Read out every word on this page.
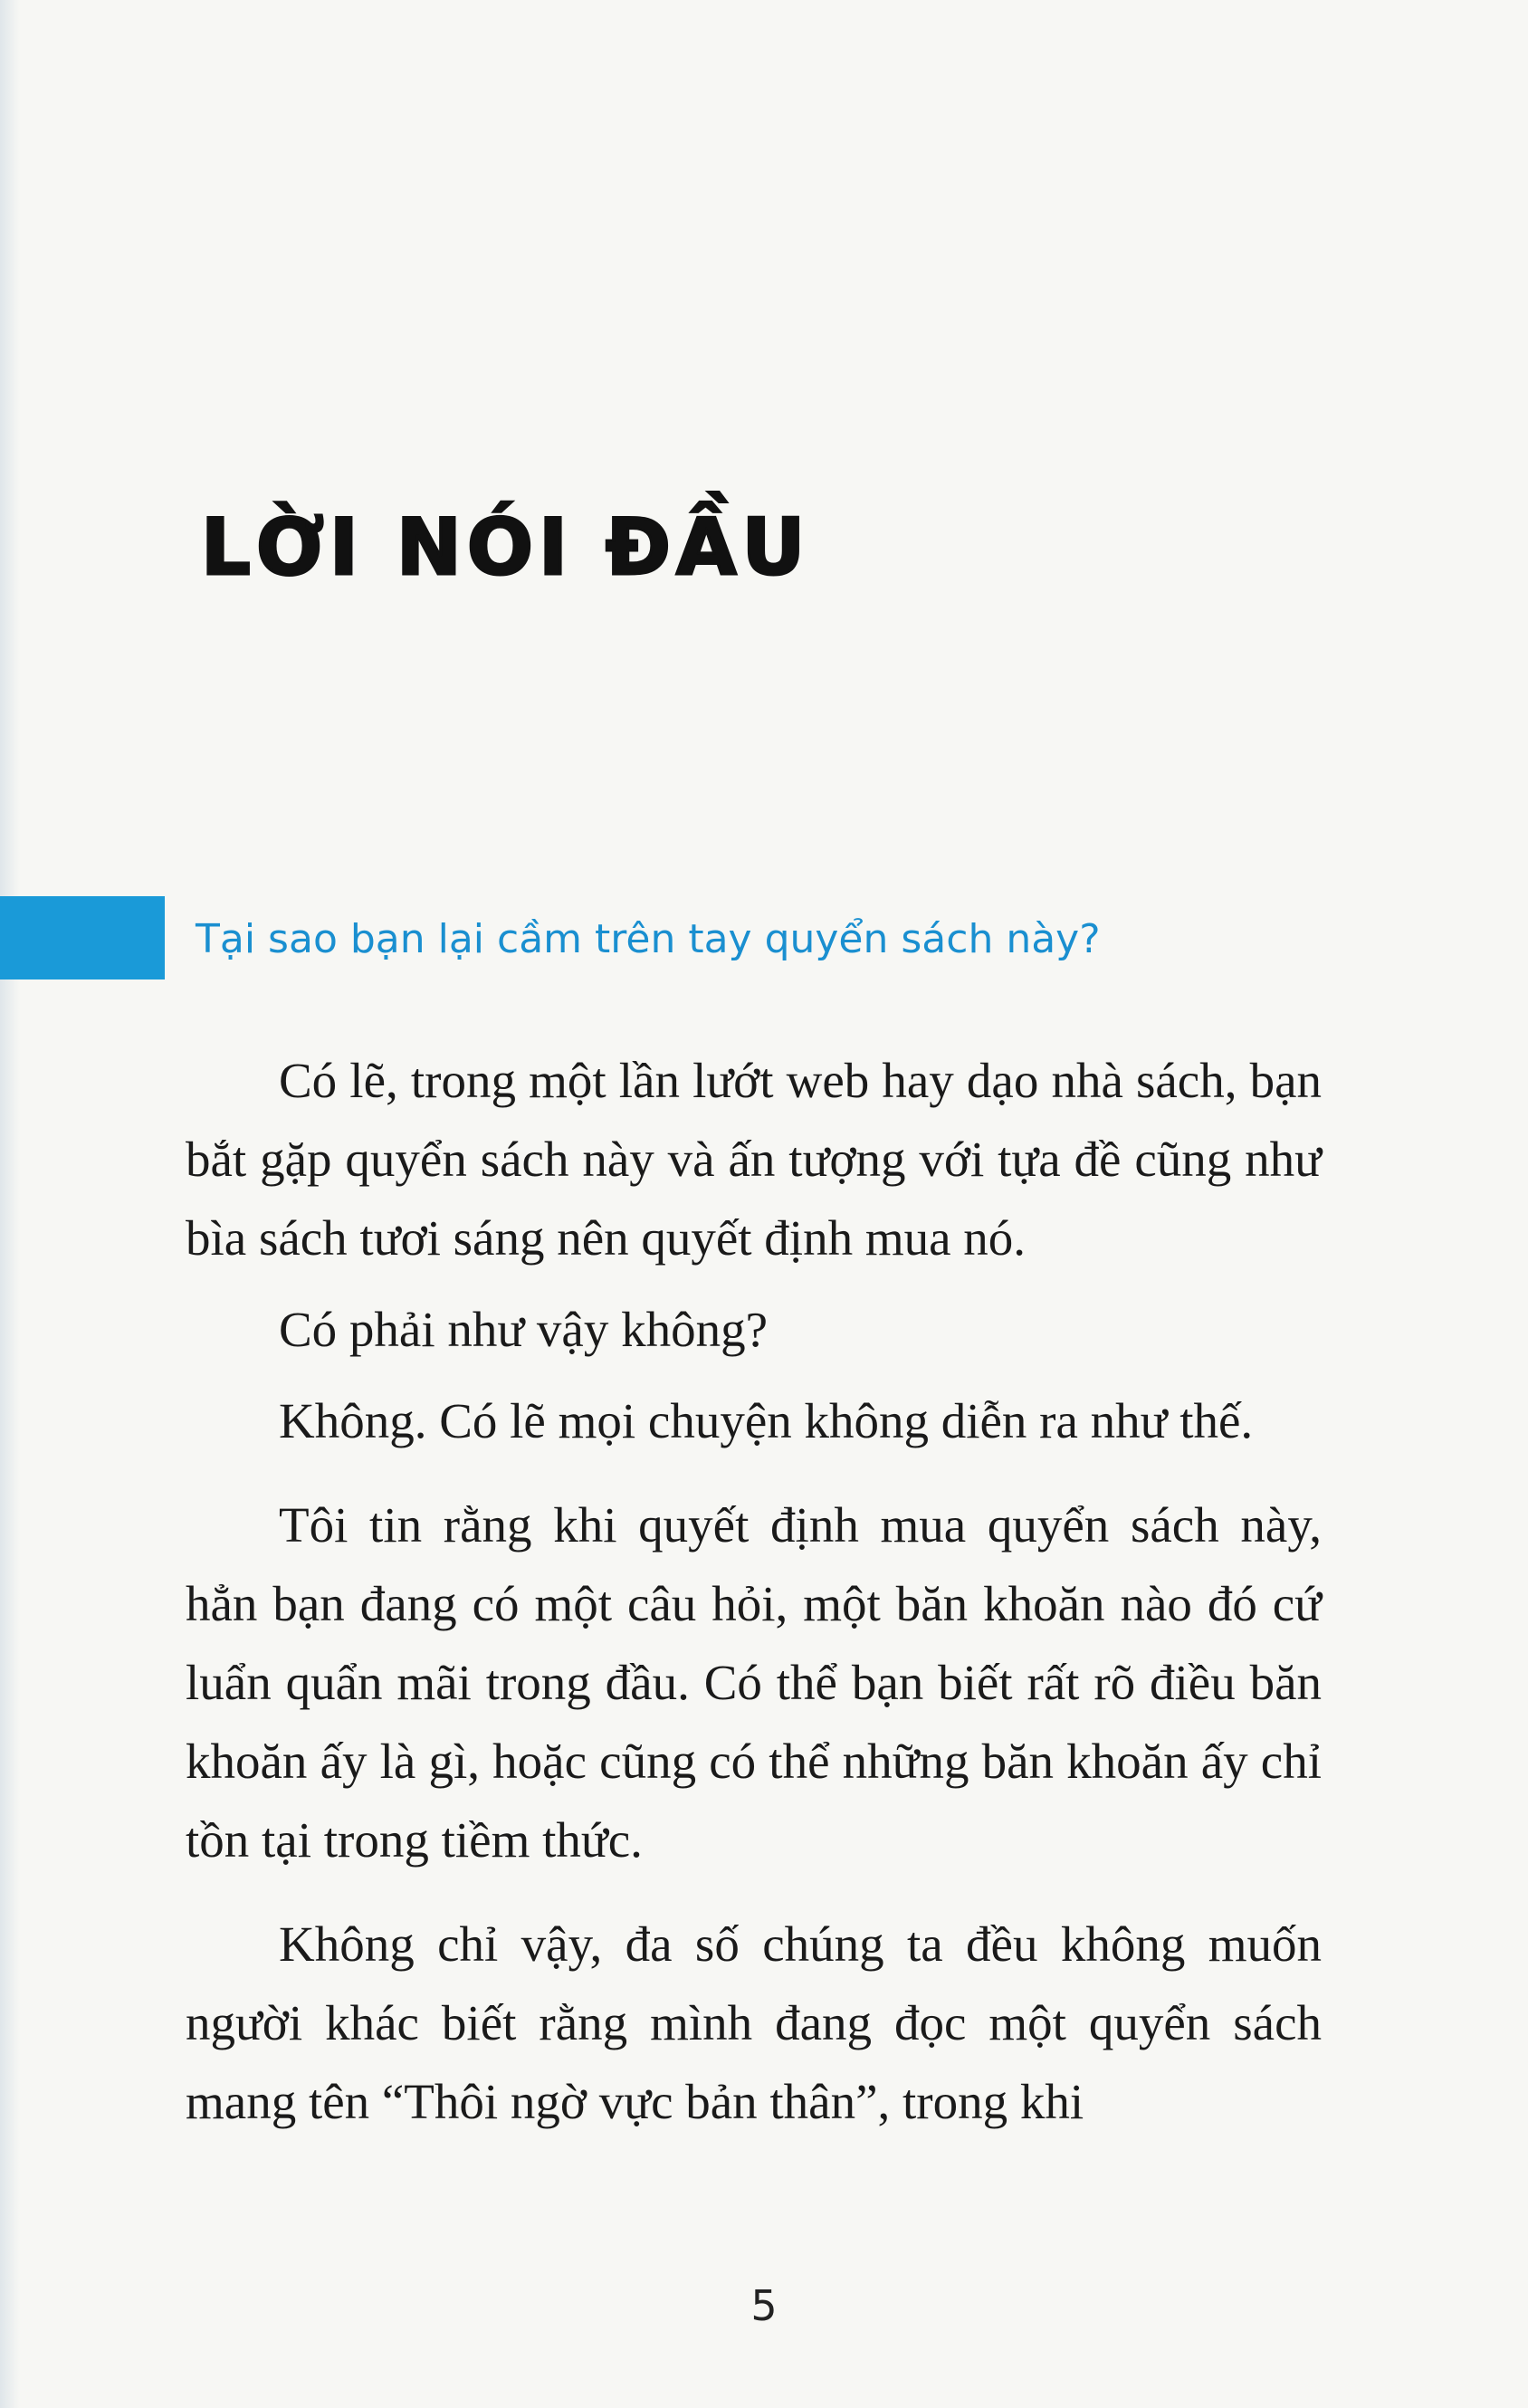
LỜI NÓI ĐẦU
Tại sao bạn lại cầm trên tay quyển sách này?

Có lẽ, trong một lần lướt web hay dạo nhà sách, bạn bắt gặp quyển sách này và ấn tượng với tựa đề cũng như bìa sách tươi sáng nên quyết định mua nó.

Có phải như vậy không?

Không. Có lẽ mọi chuyện không diễn ra như thế.

Tôi tin rằng khi quyết định mua quyển sách này, hẳn bạn đang có một câu hỏi, một băn khoăn nào đó cứ luẩn quẩn mãi trong đầu. Có thể bạn biết rất rõ điều băn khoăn ấy là gì, hoặc cũng có thể những băn khoăn ấy chỉ tồn tại trong tiềm thức.

Không chỉ vậy, đa số chúng ta đều không muốn người khác biết rằng mình đang đọc một quyển sách mang tên “Thôi ngờ vực bản thân”, trong khi

5
